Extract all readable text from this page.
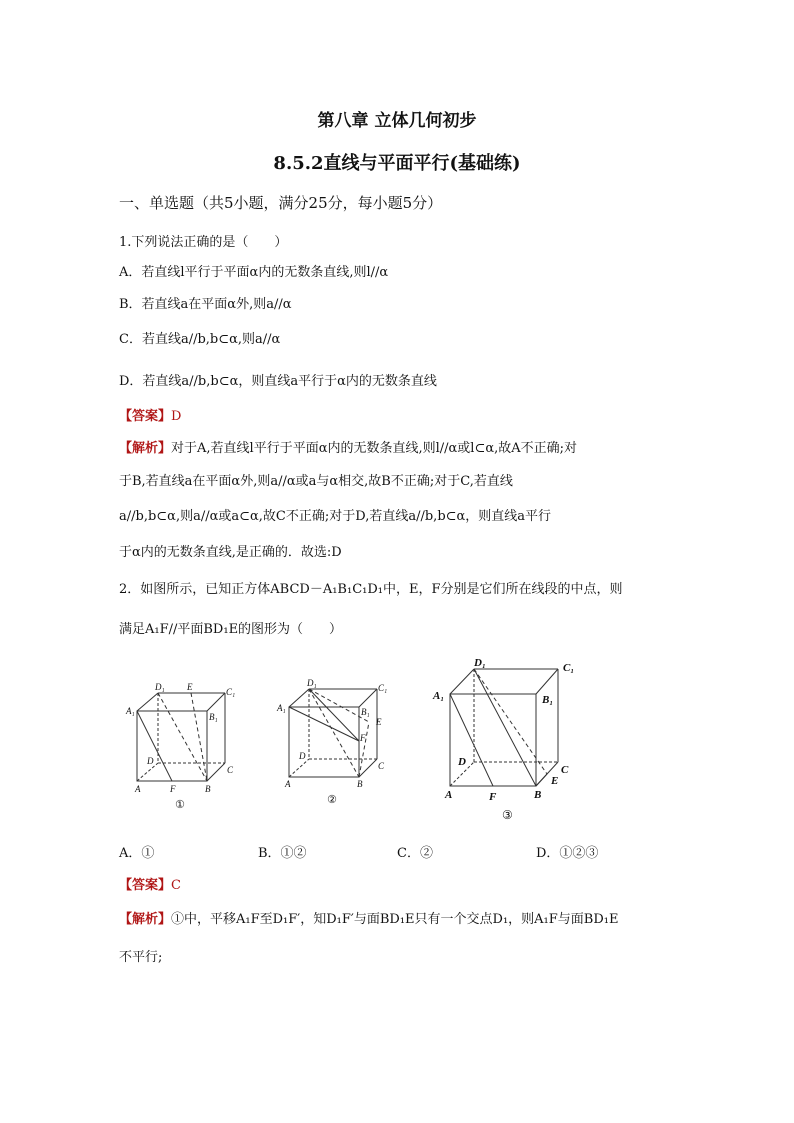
第八章 立体几何初步
8.5.2直线与平面平行(基础练)
一、单选题（共5小题，满分25分，每小题5分）
1.下列说法正确的是（　　）
A．若直线l平行于平面α内的无数条直线,则l//α
B．若直线a在平面α外,则a//α
C．若直线a//b,b⊂α,则a//α
D．若直线a//b,b⊂α，则直线a平行于α内的无数条直线
【答案】D
【解析】对于A,若直线l平行于平面α内的无数条直线,则l//α或l⊂α,故A不正确;对
于B,若直线a在平面α外,则a//α或a与α相交,故B不正确;对于C,若直线
a//b,b⊂α,则a//α或a⊂α,故C不正确;对于D,若直线a//b,b⊂α，则直线a平行
于α内的无数条直线,是正确的．故选:D
2．如图所示，已知正方体ABCD－A₁B₁C₁D₁中，E，F分别是它们所在线段的中点，则
满足A₁F//平面BD₁E的图形为（　　）
D₁ E	C₁
A₁
B₁
D
C
A	F	B
①
D₁	C₁
A₁	B₁
E
F
D
C
A	B
②
D₁	C₁
A₁	B₁
D
C
E
A	F	B
③
A．①	B．①②	C．②	D．①②③
【答案】C
【解析】①中，平移A₁F至D₁F′，知D₁F′与面BD₁E只有一个交点D₁，则A₁F与面BD₁E
不平行;
